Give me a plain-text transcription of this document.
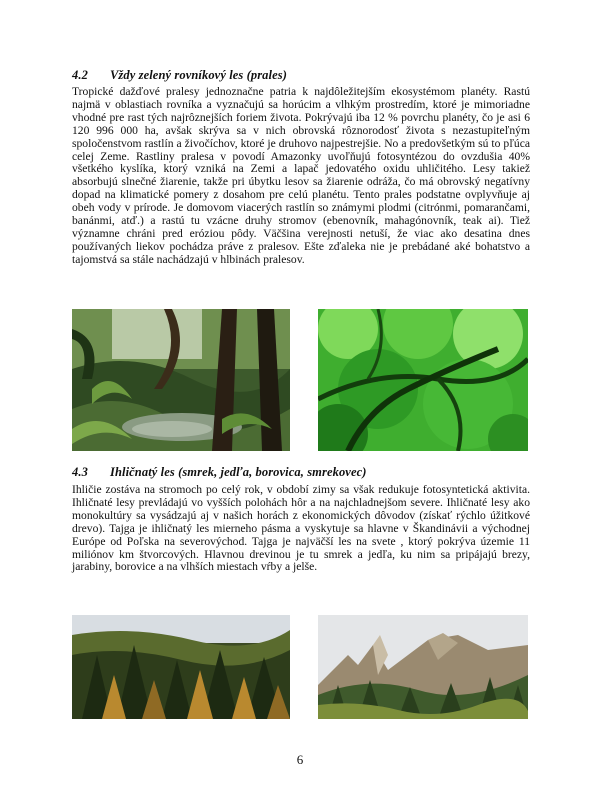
4.2 Vždy zelený rovníkový les (prales)

Tropické dažďové pralesy jednoznačne patria k najdôležitejším ekosystémom planéty. Rastú najmä v oblastiach rovníka a vyznačujú sa horúcim a vlhkým prostredím, ktoré je mimoriadne vhodné pre rast tých najrôznejších foriem života. Pokrývajú iba 12 % povrchu planéty, čo je asi 6 120 996 000 ha, avšak skrýva sa v nich obrovská rôznorodosť života s nezastupiteľným spoločenstvom rastlín a živočíchov, ktoré je druhovo najpestrejšie. No a predovšetkým sú to pľúca celej Zeme. Rastliny pralesa v povodí Amazonky uvoľňujú fotosyntézou do ovzdušia 40% všetkého kyslíka, ktorý vzniká na Zemi a lapač jedovatého oxidu uhličitého. Lesy takiež absorbujú slnečné žiarenie, takže pri úbytku lesov sa žiarenie odráža, čo má obrovský negatívny dopad na klimatické pomery z dosahom pre celú planétu. Tento prales podstatne ovplyvňuje aj obeh vody v prírode. Je domovom viacerých rastlín so známymi plodmi (citrónmi, pomarančami, banánmi, atď.) a rastú tu vzácne druhy stromov (ebenovník, mahagónovník, teak ai). Tiež významne chráni pred eróziou pôdy. Väčšina verejnosti netuší, že viac ako desatina dnes používaných liekov pochádza práve z pralesov. Ešte zďaleka nie je prebádané aké bohatstvo a tajomstvá sa stále nachádzajú v hlbinách pralesov.

4.3 Ihličnatý les (smrek, jedľa, borovica, smrekovec)

Ihličie zostáva na stromoch po celý rok, v období zimy sa však redukuje fotosyntetická aktivita. Ihličnaté lesy prevládajú vo vyšších polohách hôr a na najchladnejšom severe. Ihličnaté lesy ako monokultúry sa vysádzajú aj v našich horách z ekonomických dôvodov (získať rýchlo úžitkové drevo). Tajga je ihličnatý les mierneho pásma a vyskytuje sa hlavne v Škandinávii a východnej Európe od Poľska na severovýchod. Tajga je najväčší les na svete , ktorý pokrýva územie 11 miliónov km štvorcových. Hlavnou drevinou je tu smrek a jedľa, ku nim sa pripájajú brezy, jarabiny, borovice a na vlhších miestach vŕby a jelše.

6
